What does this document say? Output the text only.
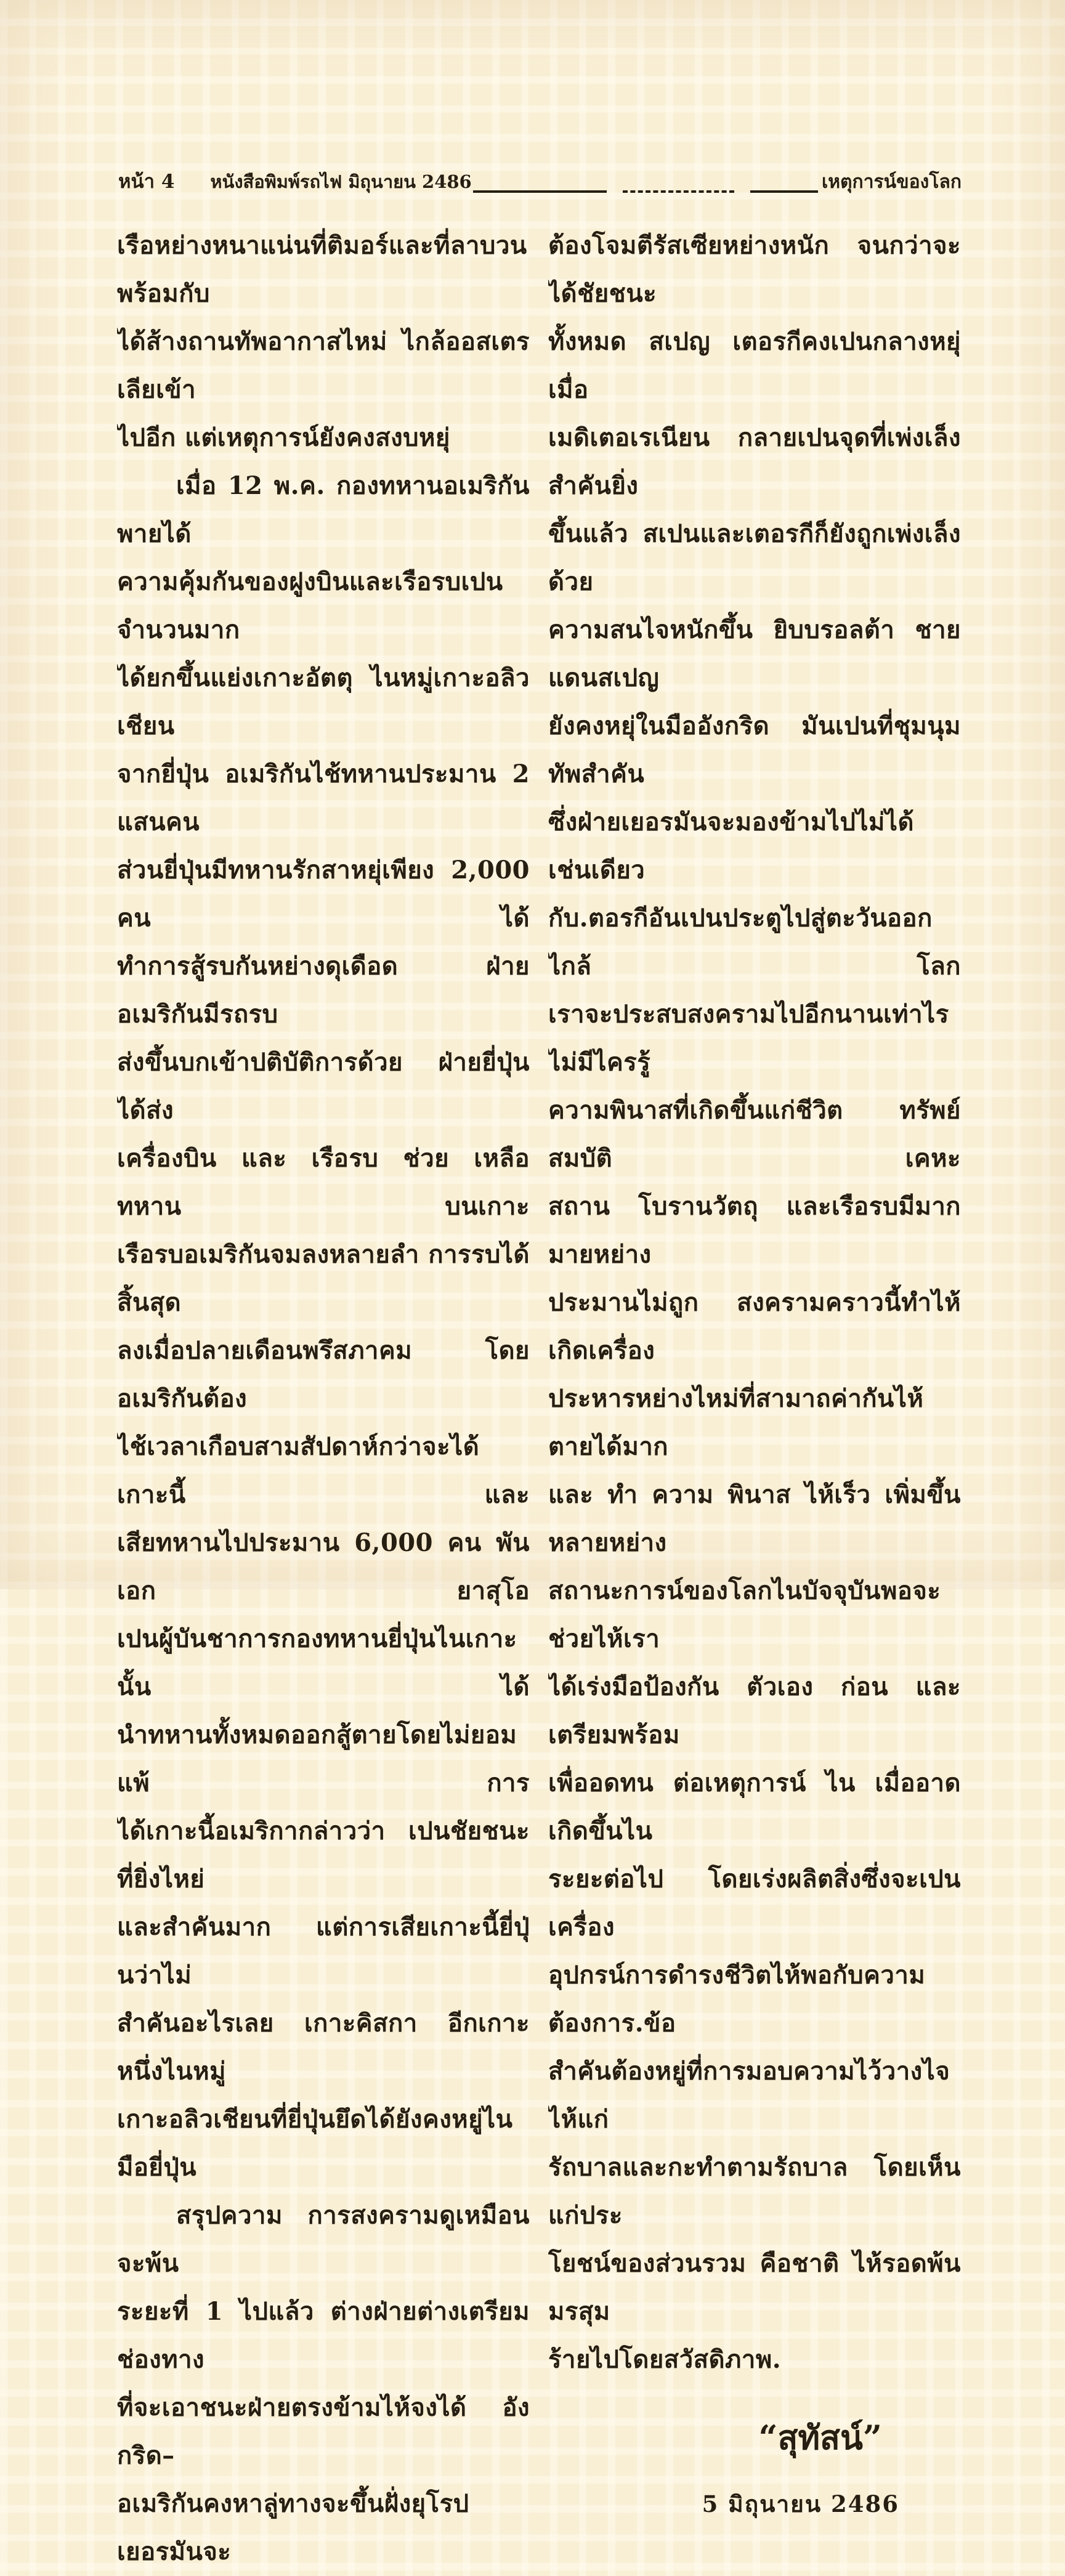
หน้า 4 หนังสือพิมพ์รถไฟ มิถุนายน 2486	เหตุการน์ของโลก
เรือหย่างหนาแน่นที่ติมอร์และที่ลาบวนพร้อมกับ
ได้ส้างถานทัพอากาสไหม่ ไกล้ออสเตรเลียเข้า
ไปอีก แต่เหตุการน์ยังคงสงบหยุ่
เมื่อ 12 พ.ค. กองทหานอเมริกันพายได้
ความคุ้มกันของฝูงบินและเรือรบเปนจำนวนมาก
ได้ยกขึ้นแย่งเกาะอัตตุ ไนหมู่เกาะอลิวเชียน
จากยี่ปุ่น อเมริกันไช้ทหานประมาน 2 แสนคน
ส่วนยี่ปุ่นมีทหานรักสาหยุ่เพียง 2,000 คน ได้
ทำการสู้รบกันหย่างดุเดือด ฝ่ายอเมริกันมีรถรบ
ส่งขึ้นบกเข้าปติบัติการด้วย ฝ่ายยี่ปุ่นได้ส่ง
เครื่องบิน และ เรือรบ ช่วย เหลือ ทหาน บนเกาะ
เรือรบอเมริกันจมลงหลายลำ การรบได้สิ้นสุด
ลงเมื่อปลายเดือนพรึสภาคม โดยอเมริกันต้อง
ไช้เวลาเกือบสามสัปดาห์กว่าจะได้เกาะนี้ และ
เสียทหานไปประมาน 6,000 คน พันเอก ยาสุโอ
เปนผู้บันชาการกองทหานยี่ปุ่นไนเกาะนั้น ได้
นำทหานทั้งหมดออกสู้ตายโดยไม่ยอมแพ้ การ
ได้เกาะนี้อเมริกากล่าวว่า เปนชัยชนะที่ยิ่งไหย่
และสำคันมาก แต่การเสียเกาะนี้ยี่ปุ่นว่าไม่
สำคันอะไรเลย เกาะคิสกา อีกเกาะหนึ่งไนหมู่
เกาะอลิวเชียนที่ยี่ปุ่นยึดได้ยังคงหยู่ไนมือยี่ปุ่น
สรุปความ การสงครามดูเหมือนจะพ้น
ระยะที่ 1 ไปแล้ว ต่างฝ่ายต่างเตรียมช่องทาง
ที่จะเอาชนะฝ่ายตรงข้ามไห้จงได้ อังกริด–
อเมริกันคงหาลู่ทางจะขึ้นฝั่งยุโรป เยอรมันจะ
ต้องโจมตีรัสเซียหย่างหนัก จนกว่าจะได้ชัยชนะ
ทั้งหมด สเปญ เตอรกีคงเปนกลางหยุ่ เมื่อ
เมดิเตอเรเนียน กลายเปนจุดที่เพ่งเล็งสำคันยิ่ง
ขึ้นแล้ว สเปนและเตอรกีก็ยังถูกเพ่งเล็งด้วย
ความสนไจหนักขึ้น ยิบบรอลต้า ชายแดนสเปญ
ยังคงหยุ่ในมืออังกริด มันเปนที่ชุมนุมทัพสำคัน
ซึ่งฝ่ายเยอรมันจะมองข้ามไปไม่ได้ เช่นเดียว
กับ.ตอรกีอันเปนประตูไปสู่ตะวันออกไกล้ โลก
เราจะประสบสงครามไปอีกนานเท่าไรไม่มีไครรู้
ความพินาสที่เกิดขึ้นแก่ชีวิต ทรัพย์สมบัติ เคหะ
สถาน โบรานวัตถุ และเรือรบมีมากมายหย่าง
ประมานไม่ถูก สงครามคราวนี้ทำไห้เกิดเครื่อง
ประหารหย่างไหม่ที่สามาถค่ากันไห้ตายได้มาก
และ ทำ ความ พินาส ไห้เร็ว เพิ่มขึ้น หลายหย่าง
สถานะการน์ของโลกไนบัจจุบันพอจะช่วยไห้เรา
ได้เร่งมือป้องกัน ตัวเอง ก่อน และ เตรียมพร้อม
เพื่ออดทน ต่อเหตุการน์ ไน เมื่ออาดเกิดขึ้นไน
ระยะต่อไป โดยเร่งผลิตสิ่งซึ่งจะเปนเครื่อง
อุปกรน์การดำรงชีวิตไห้พอกับความต้องการ.ข้อ
สำคันต้องหยู่ที่การมอบความไว้วางไจไห้แก่
รัถบาลและกะทำตามรัถบาล โดยเห็นแก่ประ
โยชน์ของส่วนรวม คือชาติ ไห้รอดพ้นมรสุม
ร้ายไปโดยสวัสดิภาพ.
“สุทัสน์”
5 มิถุนายน 2486
